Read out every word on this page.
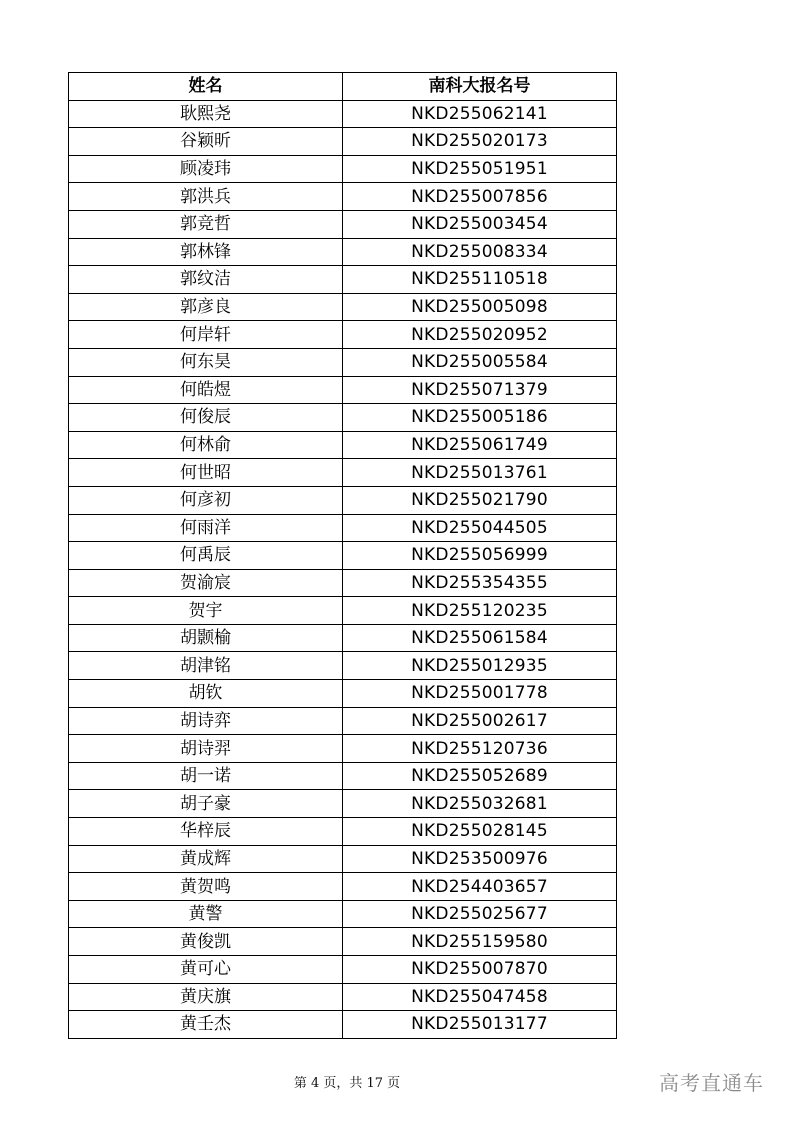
姓名	南科大报名号
耿熙尧	NKD255062141
谷颖昕	NKD255020173
顾凌玮	NKD255051951
郭洪兵	NKD255007856
郭竞哲	NKD255003454
郭林锋	NKD255008334
郭纹洁	NKD255110518
郭彦良	NKD255005098
何岸轩	NKD255020952
何东昊	NKD255005584
何皓煜	NKD255071379
何俊辰	NKD255005186
何林俞	NKD255061749
何世昭	NKD255013761
何彦初	NKD255021790
何雨洋	NKD255044505
何禹辰	NKD255056999
贺渝宸	NKD255354355
贺宇	NKD255120235
胡颢榆	NKD255061584
胡津铭	NKD255012935
胡钦	NKD255001778
胡诗弈	NKD255002617
胡诗羿	NKD255120736
胡一诺	NKD255052689
胡子豪	NKD255032681
华梓辰	NKD255028145
黄成辉	NKD253500976
黄贺鸣	NKD254403657
黄警	NKD255025677
黄俊凯	NKD255159580
黄可心	NKD255007870
黄庆旗	NKD255047458
黄壬杰	NKD255013177
第 4 页，共 17 页	高考直通车
